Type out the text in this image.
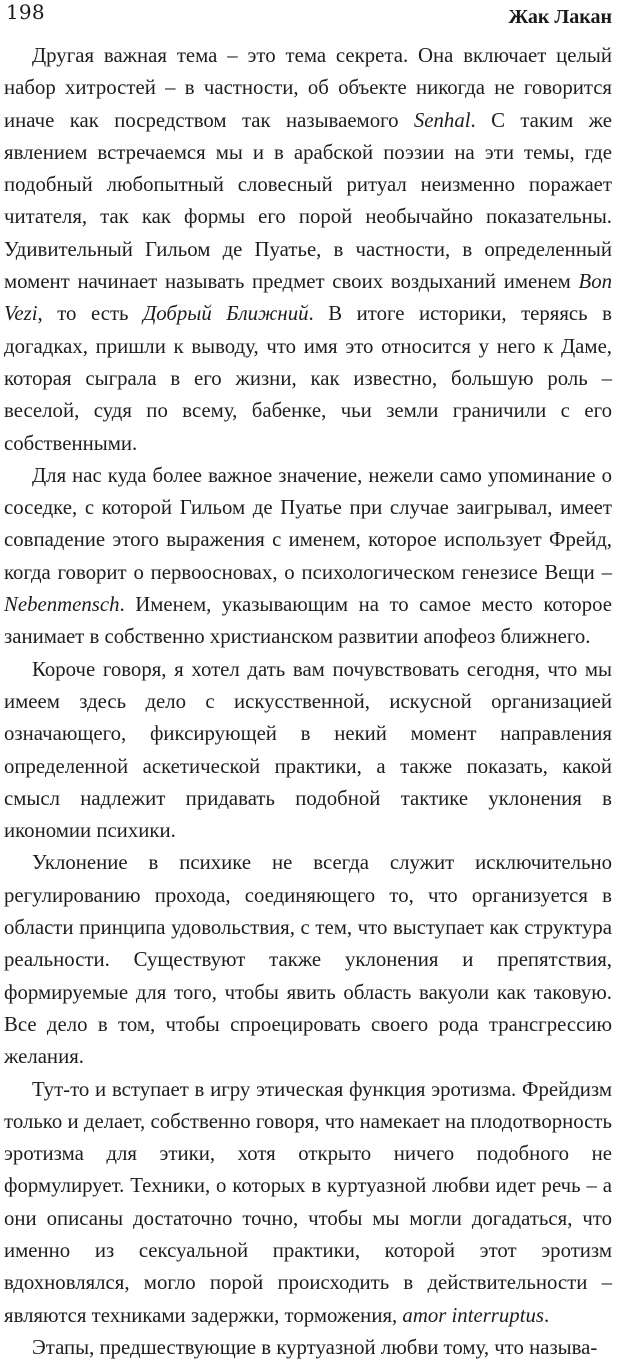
198	Жак Лакан

Другая важная тема – это тема секрета. Она включает целый набор хитростей – в частности, об объекте никогда не говорится иначе как посредством так называемого Senhal. С таким же явлением встречаемся мы и в арабской поэзии на эти темы, где подобный любопытный словесный ритуал неизменно поражает читателя, так как формы его порой необычайно показательны. Удивительный Гильом де Пуатье, в частности, в определенный момент начинает называть предмет своих воздыханий именем Bon Vezi, то есть Добрый Ближний. В итоге историки, теряясь в догадках, пришли к выводу, что имя это относится у него к Даме, которая сыграла в его жизни, как известно, большую роль – веселой, судя по всему, бабенке, чьи земли граничили с его собственными.

Для нас куда более важное значение, нежели само упоминание о соседке, с которой Гильом де Пуатье при случае заигрывал, имеет совпадение этого выражения с именем, которое использует Фрейд, когда говорит о первоосновах, о психологическом генезисе Вещи – Nebenmensch. Именем, указывающим на то самое место которое занимает в собственно христианском развитии апофеоз ближнего.

Короче говоря, я хотел дать вам почувствовать сегодня, что мы имеем здесь дело с искусственной, искусной организацией означающего, фиксирующей в некий момент направления определенной аскетической практики, а также показать, какой смысл надлежит придавать подобной тактике уклонения в икономии психики.

Уклонение в психике не всегда служит исключительно регулированию прохода, соединяющего то, что организуется в области принципа удовольствия, с тем, что выступает как структура реальности. Существуют также уклонения и препятствия, формируемые для того, чтобы явить область вакуоли как таковую. Все дело в том, чтобы спроецировать своего рода трансгрессию желания.

Тут-то и вступает в игру этическая функция эротизма. Фрейдизм только и делает, собственно говоря, что намекает на плодотворность эротизма для этики, хотя открыто ничего подобного не формулирует. Техники, о которых в куртуазной любви идет речь – а они описаны достаточно точно, чтобы мы могли догадаться, что именно из сексуальной практики, которой этот эротизм вдохновлялся, могло порой происходить в действительности – являются техниками задержки, торможения, amor interruptus.

Этапы, предшествующие в куртуазной любви тому, что называ-
